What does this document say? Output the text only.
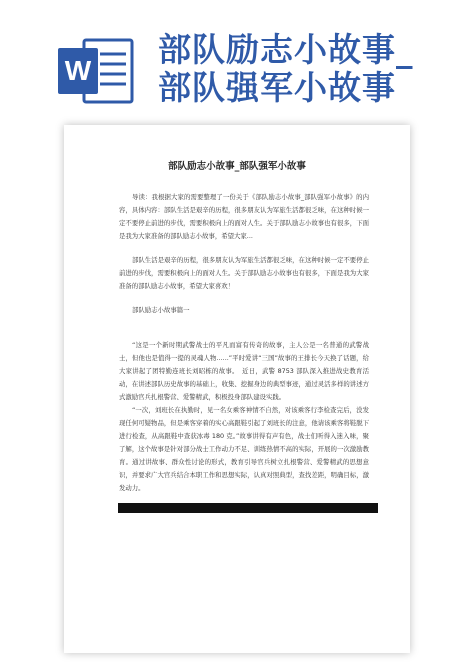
W
部队励志小故事_
部队强军小故事
部队励志小故事_部队强军小故事

导读：我根据大家的需要整理了一份关于《部队励志小故事_部队强军小故事》的内容，具体内容：部队生活是艰辛的历程，很多朋友认为军旅生活都很乏味，在这种时候一定不要停止前进的步伐，需要积极向上的面对人生。关于部队励志小故事也有很多，下面是我为大家准备的部队励志小故事，希望大家...

部队生活是艰辛的历程，很多朋友认为军旅生活都很乏味，在这种时候一定不要停止前进的步伐，需要积极向上的面对人生。关于部队励志小故事也有很多，下面是我为大家准备的部队励志小故事，希望大家喜欢！

部队励志小故事篇一

“这是一个新时期武警战士的平凡而富有传奇的故事，主人公是一名普通的武警战士，但他也是值得一提的灵魂人物......”平时爱讲“三国”故事的王排长今天换了话题，给大家讲起了团特勤连班长刘昭栋的故事。　近日，武警 8753 部队深入推进战史教育活动，在讲述部队历史故事的基础上，收集、挖掘身边的典型事迹，通过灵活多样的讲述方式激励官兵扎根警营、爱警精武，积极投身部队建设实践。

“一次，刘班长在执勤时，见一名女乘客神情不自然，对该乘客行李检查完后，没发现任何可疑物品，但是乘客穿着的实心高跟鞋引起了刘班长的注意，他请该乘客将鞋脱下进行检查，从高跟鞋中查获冰毒 180 克。”故事讲得有声有色，战士们听得入迷入味，聚了解，这个故事是针对部分战士工作动力不足、训练热情不高的实际，开展的一次激励教育。通过讲故事、群众性讨论的形式，教育引导官兵树立扎根警营、爱警精武的思想意识，并要求广大官兵结合本职工作和思想实际，认真对照典型，查找差距，明确目标，激发动力。
